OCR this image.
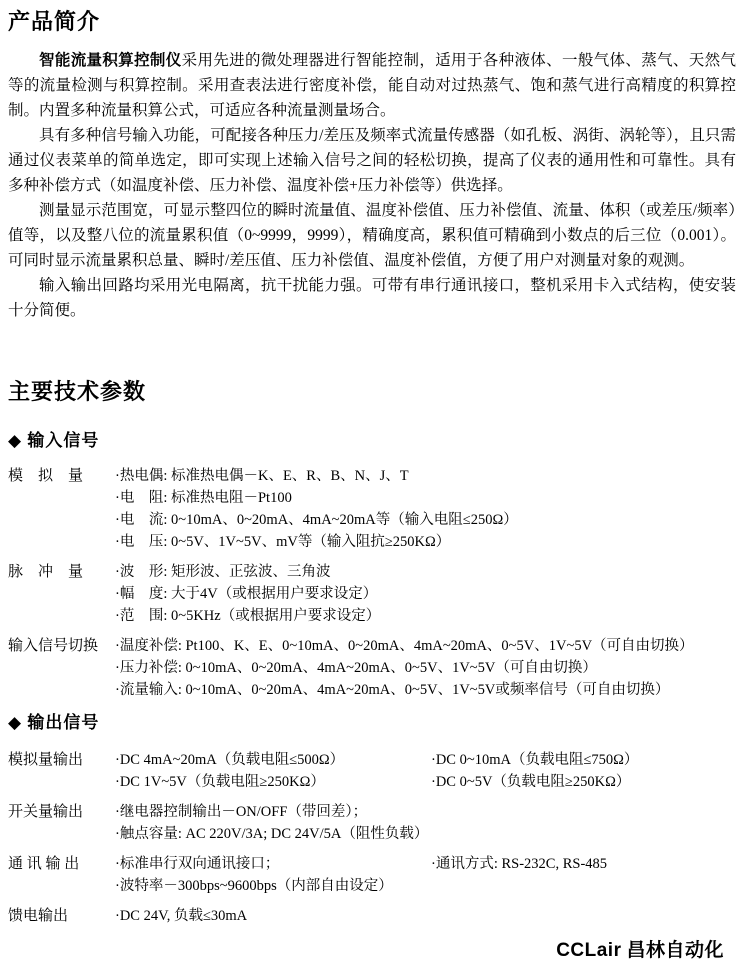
产品简介

智能流量积算控制仪采用先进的微处理器进行智能控制，适用于各种液体、一般气体、蒸气、天然气等的流量检测与积算控制。采用查表法进行密度补偿，能自动对过热蒸气、饱和蒸气进行高精度的积算控制。内置多种流量积算公式，可适应各种流量测量场合。

具有多种信号输入功能，可配接各种压力/差压及频率式流量传感器（如孔板、涡街、涡轮等），且只需通过仪表菜单的简单选定，即可实现上述输入信号之间的轻松切换，提高了仪表的通用性和可靠性。具有多种补偿方式（如温度补偿、压力补偿、温度补偿+压力补偿等）供选择。

测量显示范围宽，可显示整四位的瞬时流量值、温度补偿值、压力补偿值、流量、体积（或差压/频率）值等，以及整八位的流量累积值（0~9999，9999），精确度高，累积值可精确到小数点的后三位（0.001）。可同时显示流量累积总量、瞬时/差压值、压力补偿值、温度补偿值，方便了用户对测量对象的观测。

输入输出回路均采用光电隔离，抗干扰能力强。可带有串行通讯接口，整机采用卡入式结构，使安装十分简便。

主要技术参数
◆ 输入信号
模　拟　量	·热电偶: 标准热电偶－K、E、R、B、N、J、T
·电　阻: 标准热电阻－Pt100
·电　流: 0~10mA、0~20mA、4mA~20mA等（输入电阻≤250Ω）
·电　压: 0~5V、1V~5V、mV等（输入阻抗≥250KΩ）
脉　冲　量	·波　形: 矩形波、正弦波、三角波
·幅　度: 大于4V（或根据用户要求设定）
·范　围: 0~5KHz（或根据用户要求设定）
输入信号切换	·温度补偿: Pt100、K、E、0~10mA、0~20mA、4mA~20mA、0~5V、1V~5V（可自由切换）
·压力补偿: 0~10mA、0~20mA、4mA~20mA、0~5V、1V~5V（可自由切换）
·流量输入: 0~10mA、0~20mA、4mA~20mA、0~5V、1V~5V或频率信号（可自由切换）
◆ 输出信号
模拟量输出	·DC 4mA~20mA（负载电阻≤500Ω）	·DC 0~10mA（负载电阻≤750Ω）
·DC 1V~5V（负载电阻≥250KΩ）	·DC 0~5V（负载电阻≥250KΩ）
开关量输出	·继电器控制输出－ON/OFF（带回差）；
·触点容量: AC 220V/3A; DC 24V/5A（阻性负载）
通 讯 输 出	·标准串行双向通讯接口；	·通讯方式: RS-232C, RS-485
·波特率－300bps~9600bps（内部自由设定）
馈电输出	·DC 24V, 负载≤30mA
CCLair 昌林自动化
